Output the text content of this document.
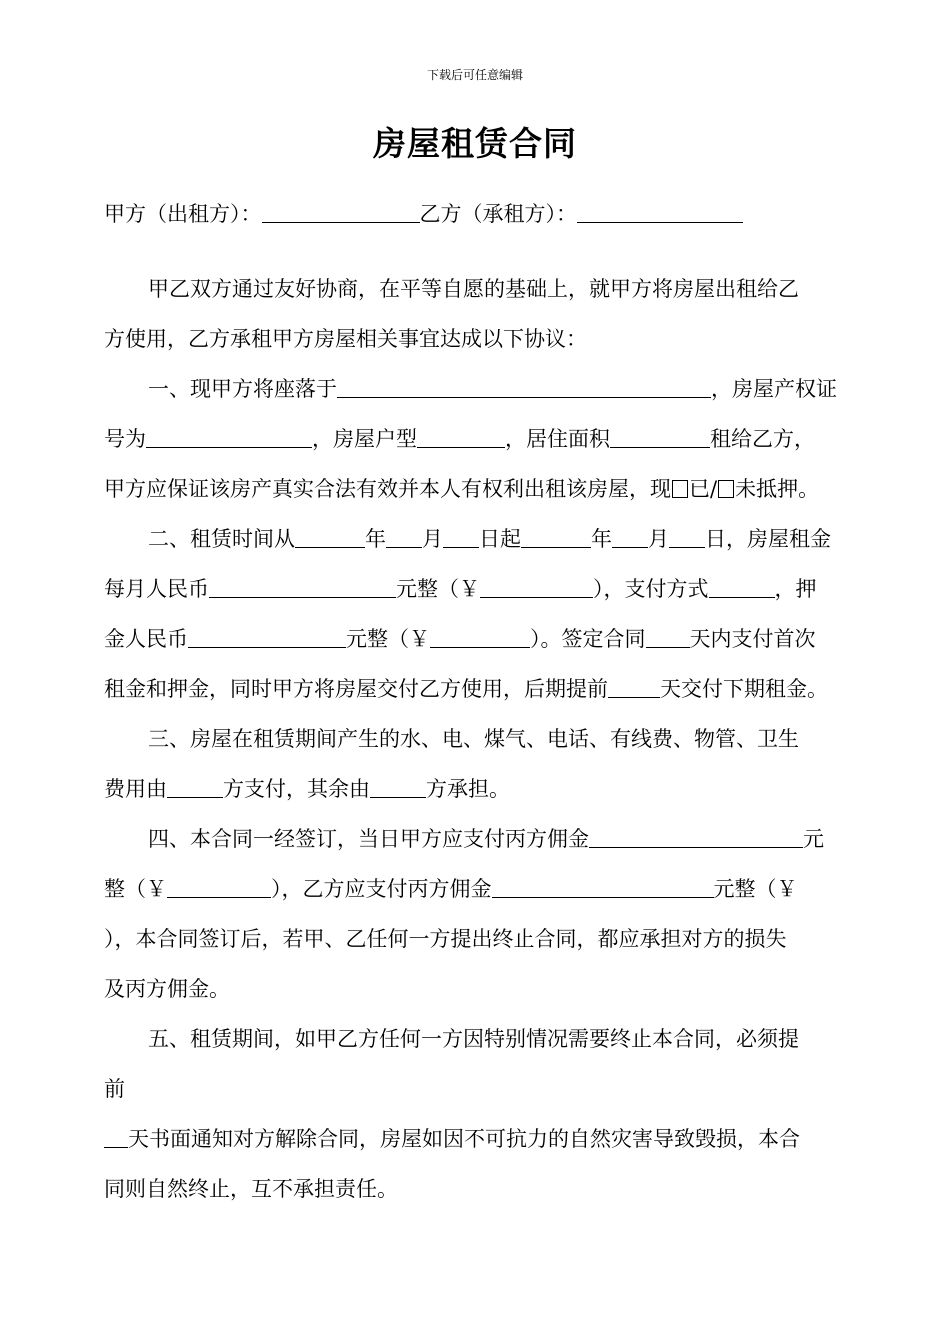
下载后可任意编辑
房屋租赁合同
甲方（出租方）：	乙方（承租方）：
甲乙双方通过友好协商，在平等自愿的基础上，就甲方将房屋出租给乙
方使用，乙方承租甲方房屋相关事宜达成以下协议：
一、现甲方将座落于	，房屋产权证
号为	，房屋户型	，居住面积	租给乙方，
甲方应保证该房产真实合法有效并本人有权利出租该房屋，现 已/ 未抵押。
二、租赁时间从	年 月 日起	年 月 日，房屋租金
每月人民币	元整（￥	），支付方式	，押
金人民币	元整（￥	）。签定合同 天内支付首次
租金和押金，同时甲方将房屋交付乙方使用，后期提前 天交付下期租金。
三、房屋在租赁期间产生的水、电、煤气、电话、有线费、物管、卫生
费用由	方支付，其余由	方承担。
四、本合同一经签订，当日甲方应支付丙方佣金	元
整（￥	），乙方应支付丙方佣金	元整（￥
），本合同签订后，若甲、乙任何一方提出终止合同，都应承担对方的损失
及丙方佣金。
五、租赁期间，如甲乙方任何一方因特别情况需要终止本合同，必须提
前
天书面通知对方解除合同，房屋如因不可抗力的自然灾害导致毁损，本合
同则自然终止，互不承担责任。
